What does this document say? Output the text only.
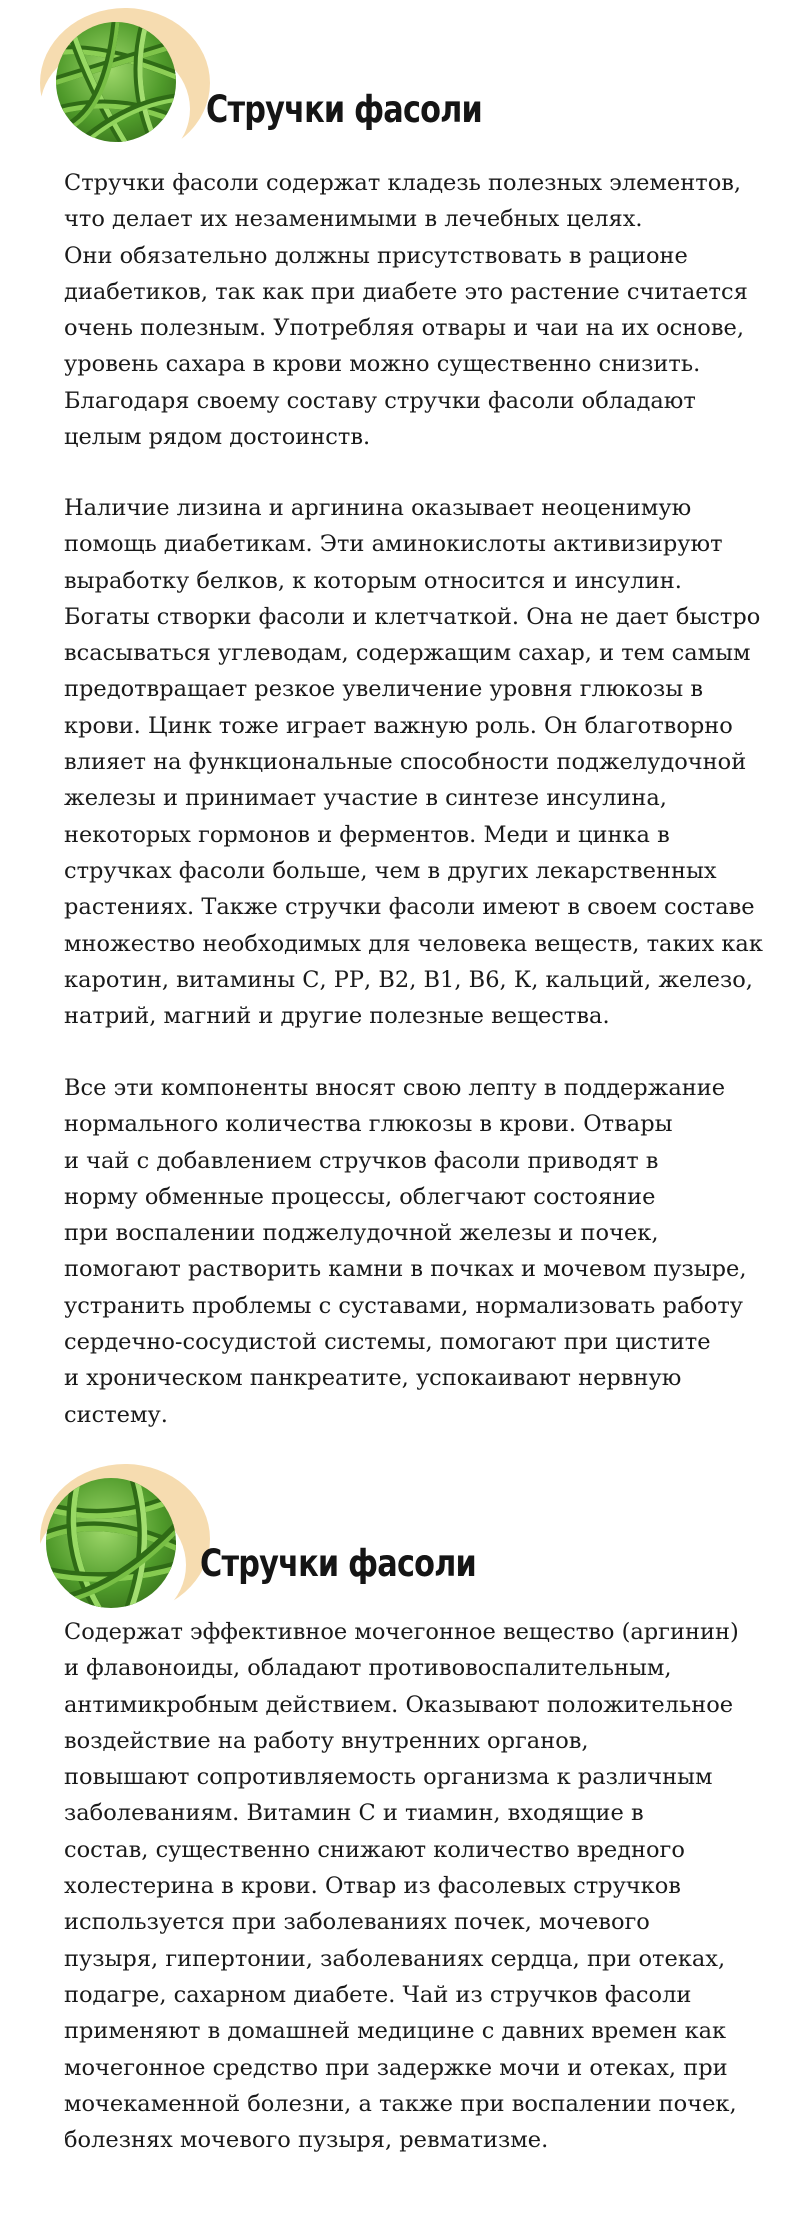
Стручки фасоли

Стручки фасоли содержат кладезь полезных элементов,
что делает их незаменимыми в лечебных целях.
Они обязательно должны присутствовать в рационе
диабетиков, так как при диабете это растение считается
очень полезным. Употребляя отвары и чаи на их основе,
уровень сахара в крови можно существенно снизить.
Благодаря своему составу стручки фасоли обладают
целым рядом достоинств.

Наличие лизина и аргинина оказывает неоценимую
помощь диабетикам. Эти аминокислоты активизируют
выработку белков, к которым относится и инсулин.
Богаты створки фасоли и клетчаткой. Она не дает быстро
всасываться углеводам, содержащим сахар, и тем самым
предотвращает резкое увеличение уровня глюкозы в
крови. Цинк тоже играет важную роль. Он благотворно
влияет на функциональные способности поджелудочной
железы и принимает участие в синтезе инсулина,
некоторых гормонов и ферментов. Меди и цинка в
стручках фасоли больше, чем в других лекарственных
растениях. Также стручки фасоли имеют в своем составе
множество необходимых для человека веществ, таких как
каротин, витамины С, РР, В2, В1, В6, К, кальций, железо,
натрий, магний и другие полезные вещества.

Все эти компоненты вносят свою лепту в поддержание
нормального количества глюкозы в крови. Отвары
и чай с добавлением стручков фасоли приводят в
норму обменные процессы, облегчают состояние
при воспалении поджелудочной железы и почек,
помогают растворить камни в почках и мочевом пузыре,
устранить проблемы с суставами, нормализовать работу
сердечно-сосудистой системы, помогают при цистите
и хроническом панкреатите, успокаивают нервную
систему.

Стручки фасоли

Содержат эффективное мочегонное вещество (аргинин)
и флавоноиды, обладают противовоспалительным,
антимикробным действием. Оказывают положительное
воздействие на работу внутренних органов,
повышают сопротивляемость организма к различным
заболеваниям. Витамин С и тиамин, входящие в
состав, существенно снижают количество вредного
холестерина в крови. Отвар из фасолевых стручков
используется при заболеваниях почек, мочевого
пузыря, гипертонии, заболеваниях сердца, при отеках,
подагре, сахарном диабете. Чай из стручков фасоли
применяют в домашней медицине с давних времен как
мочегонное средство при задержке мочи и отеках, при
мочекаменной болезни, а также при воспалении почек,
болезнях мочевого пузыря, ревматизме.
